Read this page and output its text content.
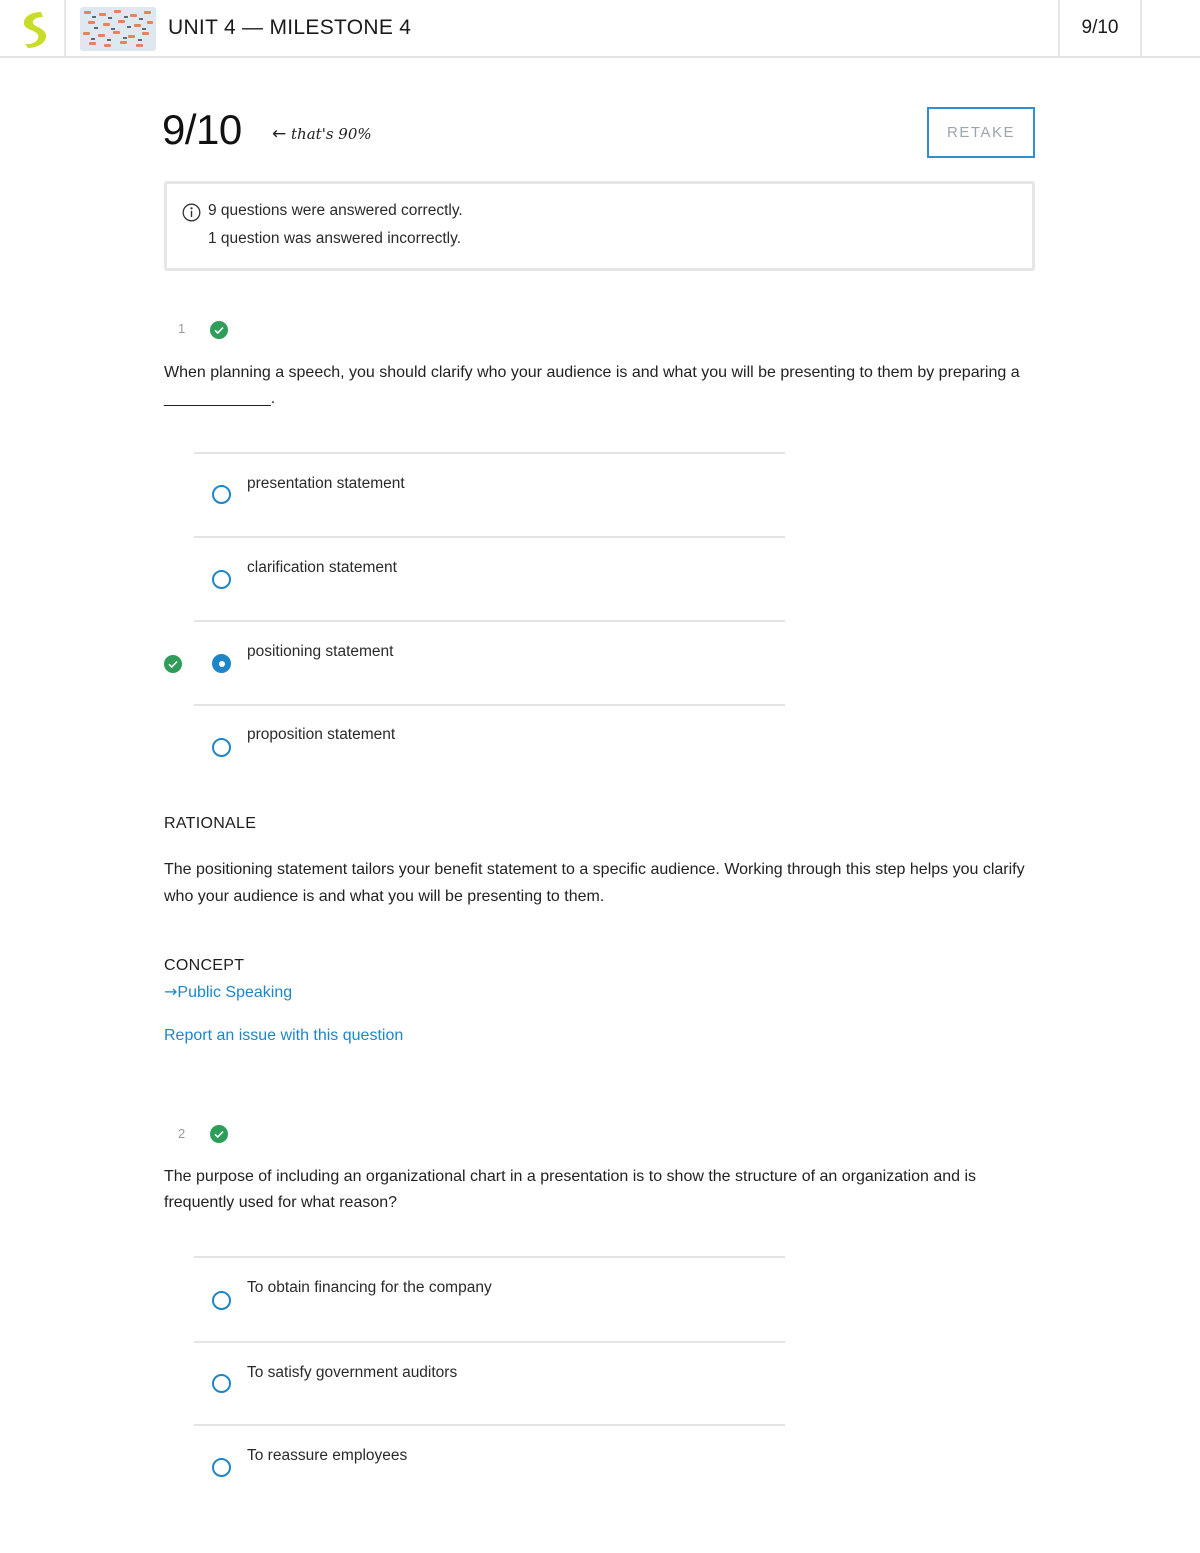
UNIT 4 — MILESTONE 4	9/10
9/10 ← that's 90%	RETAKE
9 questions were answered correctly.
1 question was answered incorrectly.
1
When planning a speech, you should clarify who your audience is and what you will be presenting to them by preparing a ____________.
presentation statement
clarification statement
positioning statement
proposition statement
RATIONALE
The positioning statement tailors your benefit statement to a specific audience. Working through this step helps you clarify who your audience is and what you will be presenting to them.
CONCEPT
→Public Speaking
Report an issue with this question
2
The purpose of including an organizational chart in a presentation is to show the structure of an organization and is frequently used for what reason?
To obtain financing for the company
To satisfy government auditors
To reassure employees
